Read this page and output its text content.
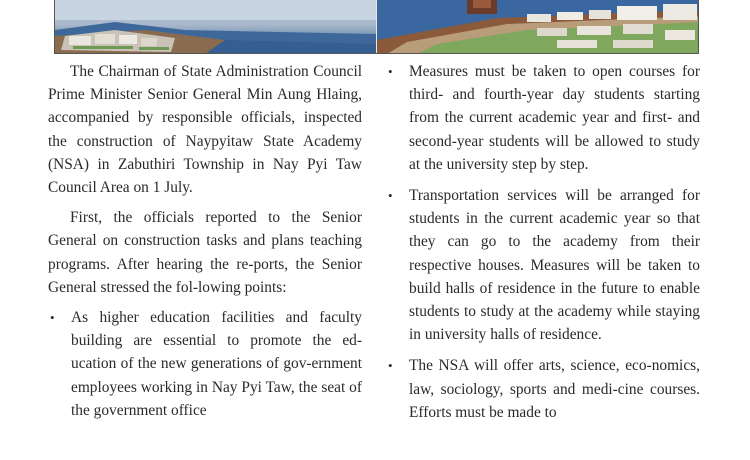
The Chairman of State Administration Council Prime Minister Senior General Min Aung Hlaing, accompanied by responsible officials, inspected the construction of Naypyitaw State Academy (NSA) in Zabuthiri Township in Nay Pyi Taw Council Area on 1 July.

First, the officials reported to the Senior General on construction tasks and plans teaching programs. After hearing the re-ports, the Senior General stressed the fol-lowing points:

• As higher education facilities and faculty building are essential to promote the ed-ucation of the new generations of gov-ernment employees working in Nay Pyi Taw, the seat of the government office
• Measures must be taken to open courses for third- and fourth-year day students starting from the current academic year and first- and second-year students will be allowed to study at the university step by step.
• Transportation services will be arranged for students in the current academic year so that they can go to the academy from their respective houses. Measures will be taken to build halls of residence in the future to enable students to study at the academy while staying in university halls of residence.
• The NSA will offer arts, science, eco-nomics, law, sociology, sports and medi-cine courses. Efforts must be made to
